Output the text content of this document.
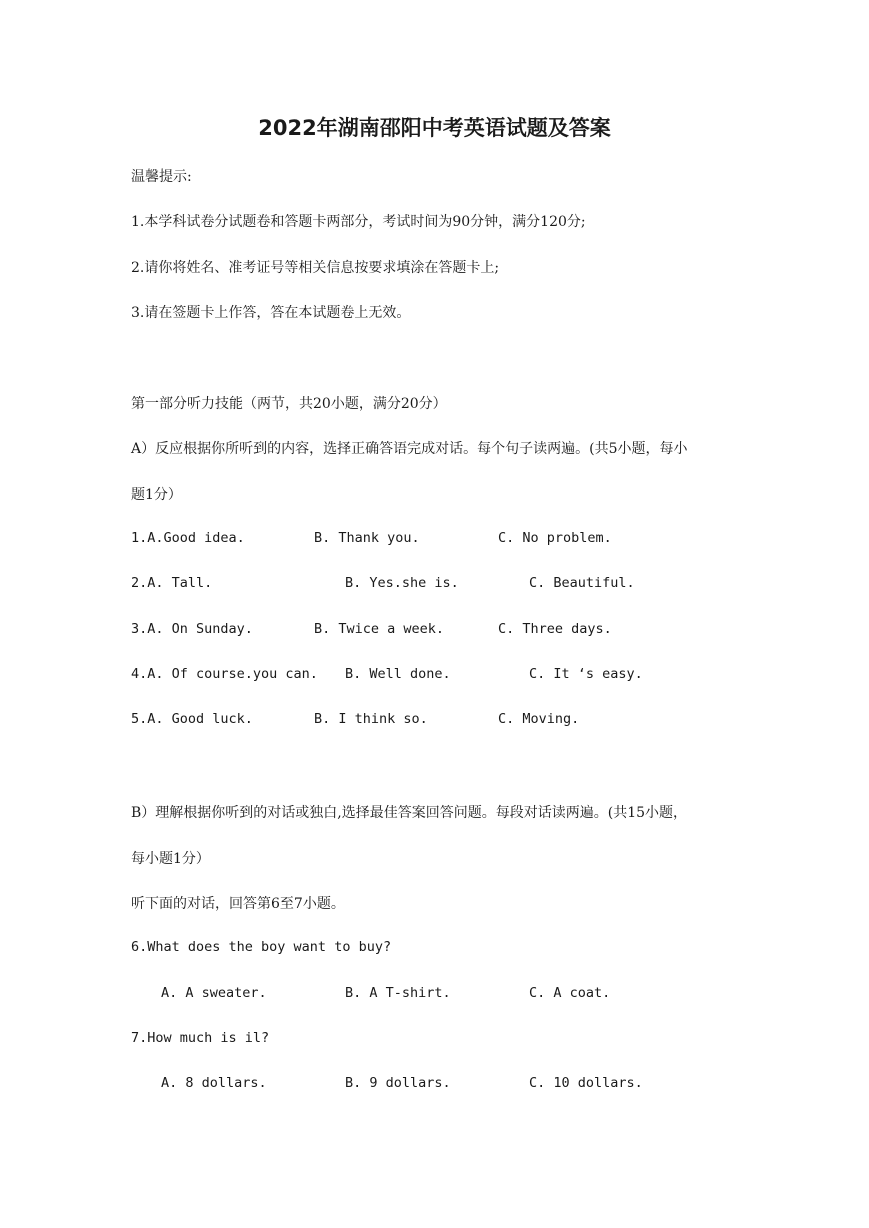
2022年湖南邵阳中考英语试题及答案
温馨提示:
1.本学科试卷分试题卷和答题卡两部分，考试时间为90分钟，满分120分;
2.请你将姓名、准考证号等相关信息按要求填涂在答题卡上;
3.请在签题卡上作答，答在本试题卷上无效。
第一部分听力技能（两节，共20小题，满分20分）
A）反应根据你所听到的内容，选择正确答语完成对话。每个句子读两遍。(共5小题，每小
题1分）
1.A.Good idea.	B. Thank you.	C. No problem.
2.A. Tall.	B. Yes.she is.	C. Beautiful.
3.A. On Sunday.	B. Twice a week.	C. Three days.
4.A. Of course.you can. B. Well done.	C. It ‘s easy.
5.A. Good luck.	B. I think so.	C. Moving.
B）理解根据你听到的对话或独白,选择最佳答案回答问题。每段对话读两遍。(共15小题，
每小题1分）
听下面的对话，回答第6至7小题。
6.What does the boy want to buy?
A. A sweater.	B. A T-shirt.	C. A coat.
7.How much is il?
A. 8 dollars.	B. 9 dollars.	C. 10 dollars.
